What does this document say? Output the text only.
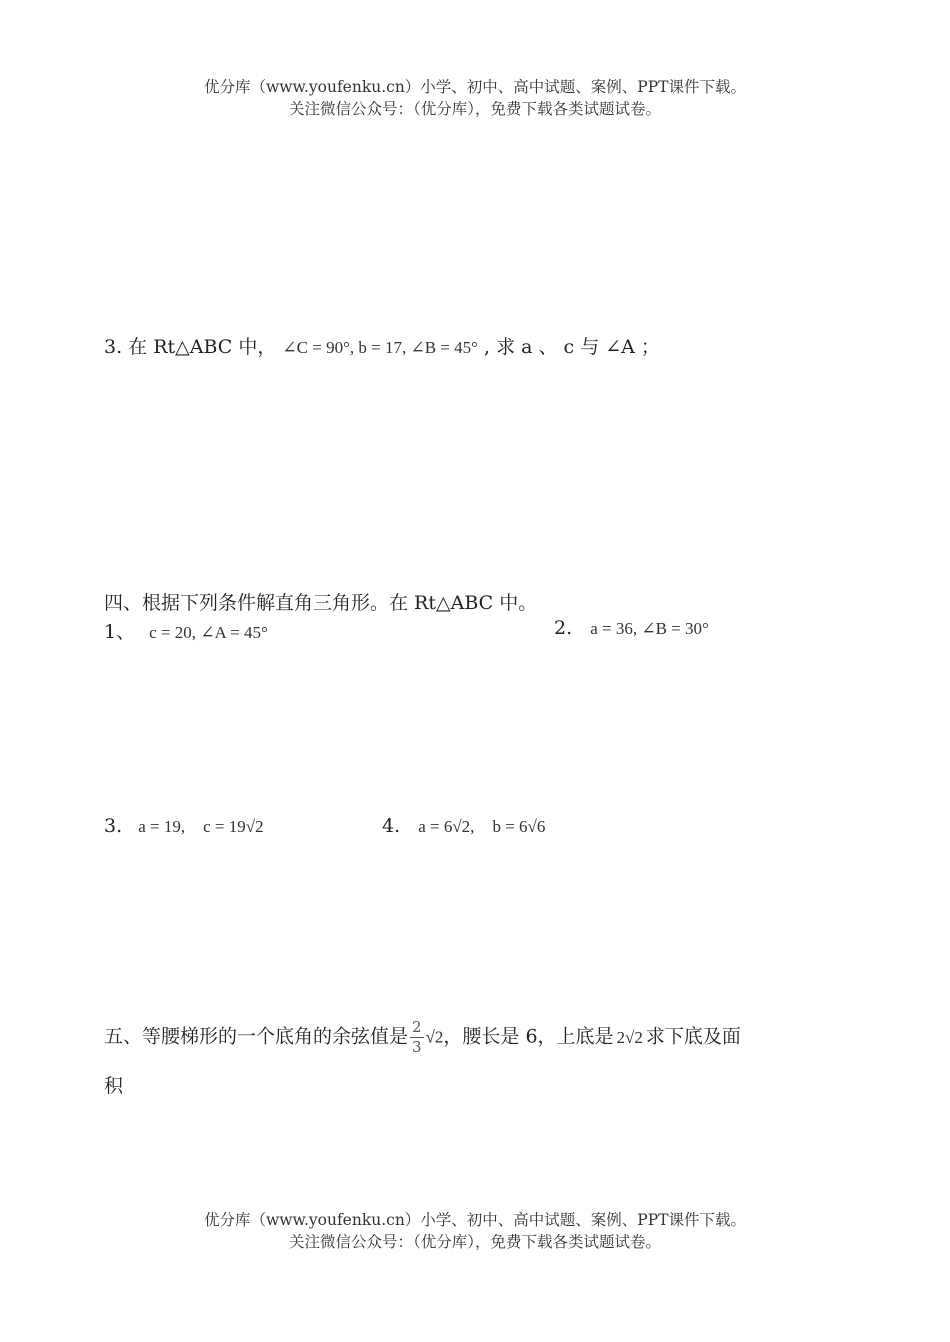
优分库（www.youfenku.cn）小学、初中、高中试题、案例、PPT课件下载。
关注微信公众号：（优分库），免费下载各类试题试卷。
3. 在 Rt△ABC 中， ∠C = 90°, b = 17, ∠B = 45° , 求 a 、 c 与 ∠A ；
四、根据下列条件解直角三角形。在 Rt△ABC 中。
1、 c = 20, ∠A = 45°	2. a = 36, ∠B = 30°
3. a = 19, c = 19√2	4. a = 6√2, b = 6√6
五、等腰梯形的一个底角的余弦值是 $\frac{2}{3} √2$，腰长是 6，上底是 2√2 求下底及面
积
优分库（www.youfenku.cn）小学、初中、高中试题、案例、PPT课件下载。
关注微信公众号：（优分库），免费下载各类试题试卷。
